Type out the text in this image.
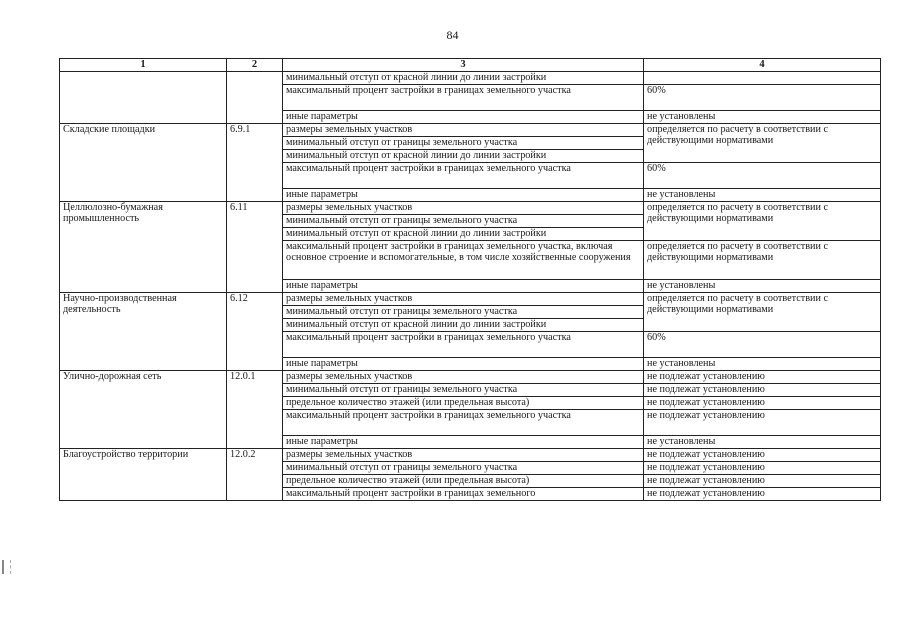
84
1	2	3	4
		минимальный отступ от красной линии до линии застройки	
		максимальный процент застройки в границах земельного участка	60%
		иные параметры	не установлены
Складские площадки	6.9.1	размеры земельных участков	определяется по расчету в соответствии с действующими нормативами
		минимальный отступ от границы земельного участка	
		минимальный отступ от красной линии до линии застройки	
		максимальный процент застройки в границах земельного участка	60%
		иные параметры	не установлены
Целлюлозно-бумажная промышленность	6.11	размеры земельных участков	определяется по расчету в соответствии с действующими нормативами
		минимальный отступ от границы земельного участка	
		минимальный отступ от красной линии до линии застройки	
		максимальный процент застройки в границах земельного участка, включая основное строение и вспомогательные, в том числе хозяйственные сооружения	определяется по расчету в соответствии с действующими нормативами
		иные параметры	не установлены
Научно-производственная деятельность	6.12	размеры земельных участков	определяется по расчету в соответствии с действующими нормативами
		минимальный отступ от границы земельного участка	
		минимальный отступ от красной линии до линии застройки	
		максимальный процент застройки в границах земельного участка	60%
		иные параметры	не установлены
Улично-дорожная сеть	12.0.1	размеры земельных участков	не подлежат установлению
		минимальный отступ от границы земельного участка	не подлежат установлению
		предельное количество этажей (или предельная высота)	не подлежат установлению
		максимальный процент застройки в границах земельного участка	не подлежат установлению
		иные параметры	не установлены
Благоустройство территории	12.0.2	размеры земельных участков	не подлежат установлению
		минимальный отступ от границы земельного участка	не подлежат установлению
		предельное количество этажей (или предельная высота)	не подлежат установлению
		максимальный процент застройки в границах земельного	не подлежат установлению
